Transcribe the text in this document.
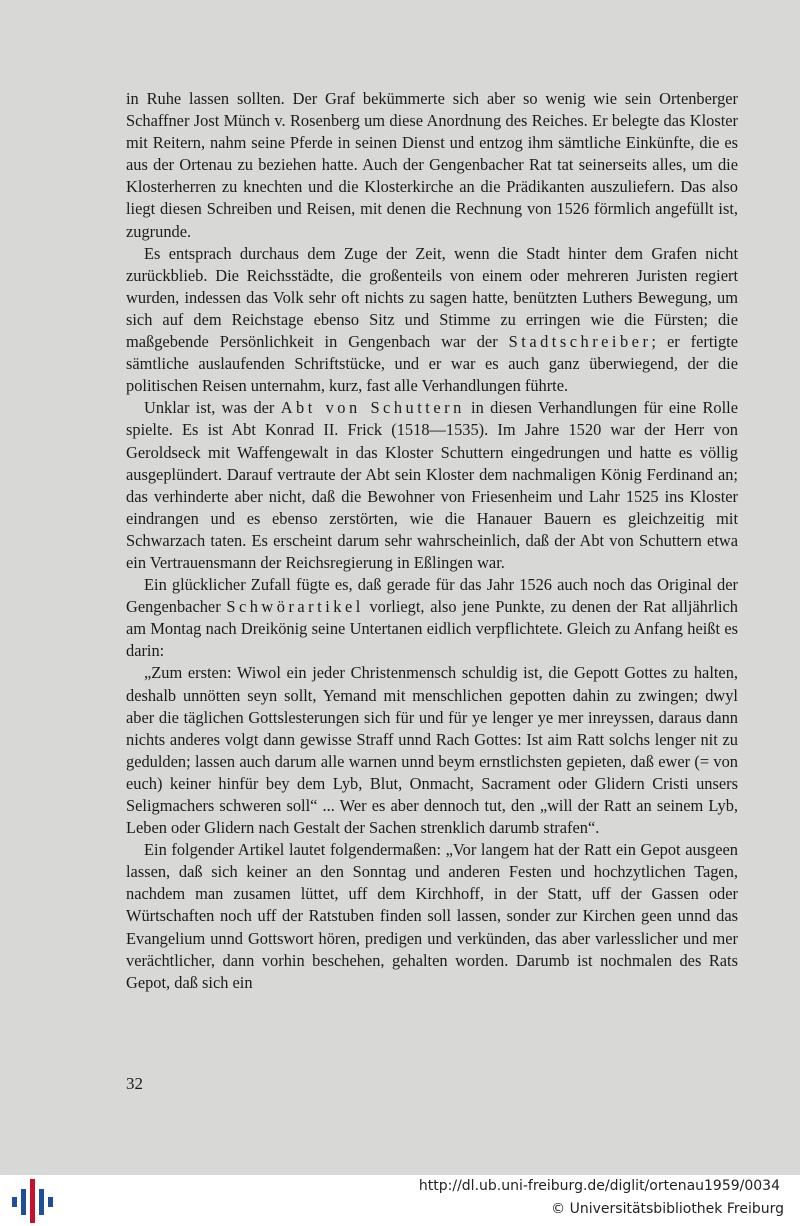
in Ruhe lassen sollten. Der Graf bekümmerte sich aber so wenig wie sein Ortenberger Schaffner Jost Münch v. Rosenberg um diese Anordnung des Reiches. Er belegte das Kloster mit Reitern, nahm seine Pferde in seinen Dienst und entzog ihm sämtliche Einkünfte, die es aus der Ortenau zu beziehen hatte. Auch der Gengenbacher Rat tat seinerseits alles, um die Klosterherren zu knechten und die Klosterkirche an die Prädikanten auszuliefern. Das also liegt diesen Schreiben und Reisen, mit denen die Rechnung von 1526 förmlich angefüllt ist, zugrunde.

Es entsprach durchaus dem Zuge der Zeit, wenn die Stadt hinter dem Grafen nicht zurückblieb. Die Reichsstädte, die großenteils von einem oder mehreren Juristen regiert wurden, indessen das Volk sehr oft nichts zu sagen hatte, benützten Luthers Bewegung, um sich auf dem Reichstage ebenso Sitz und Stimme zu erringen wie die Fürsten; die maßgebende Persönlichkeit in Gengenbach war der Stadtschreiber; er fertigte sämtliche auslaufenden Schriftstücke, und er war es auch ganz überwiegend, der die politischen Reisen unternahm, kurz, fast alle Verhandlungen führte.

Unklar ist, was der Abt von Schuttern in diesen Verhandlungen für eine Rolle spielte. Es ist Abt Konrad II. Frick (1518—1535). Im Jahre 1520 war der Herr von Geroldseck mit Waffengewalt in das Kloster Schuttern eingedrungen und hatte es völlig ausgeplündert. Darauf vertraute der Abt sein Kloster dem nachmaligen König Ferdinand an; das verhinderte aber nicht, daß die Bewohner von Friesenheim und Lahr 1525 ins Kloster eindrangen und es ebenso zerstörten, wie die Hanauer Bauern es gleichzeitig mit Schwarzach taten. Es erscheint darum sehr wahrscheinlich, daß der Abt von Schuttern etwa ein Vertrauensmann der Reichsregierung in Eßlingen war.

Ein glücklicher Zufall fügte es, daß gerade für das Jahr 1526 auch noch das Original der Gengenbacher Schwörartikel vorliegt, also jene Punkte, zu denen der Rat alljährlich am Montag nach Dreikönig seine Untertanen eidlich verpflichtete. Gleich zu Anfang heißt es darin:

„Zum ersten: Wiwol ein jeder Christenmensch schuldig ist, die Gepott Gottes zu halten, deshalb unnötten seyn sollt, Yemand mit menschlichen gepotten dahin zu zwingen; dwyl aber die täglichen Gottslesterungen sich für und für ye lenger ye mer inreyssen, daraus dann nichts anderes volgt dann gewisse Straff unnd Rach Gottes: Ist aim Ratt solchs lenger nit zu gedulden; lassen auch darum alle warnen unnd beym ernstlichsten gepieten, daß ewer (= von euch) keiner hinfür bey dem Lyb, Blut, Onmacht, Sacrament oder Glidern Cristi unsers Seligmachers schweren soll“ ... Wer es aber dennoch tut, den „will der Ratt an seinem Lyb, Leben oder Glidern nach Gestalt der Sachen strenklich darumb strafen“.

Ein folgender Artikel lautet folgendermaßen: „Vor langem hat der Ratt ein Gepot ausgeen lassen, daß sich keiner an den Sonntag und anderen Festen und hochzytlichen Tagen, nachdem man zusamen lüttet, uff dem Kirchhoff, in der Statt, uff der Gassen oder Würtschaften noch uff der Ratstuben finden soll lassen, sonder zur Kirchen geen unnd das Evangelium unnd Gottswort hören, predigen und verkünden, das aber varlesslicher und mer verächtlicher, dann vorhin beschehen, gehalten worden. Darumb ist nochmalen des Rats Gepot, daß sich ein

32
http://dl.ub.uni-freiburg.de/diglit/ortenau1959/0034
© Universitätsbibliothek Freiburg
